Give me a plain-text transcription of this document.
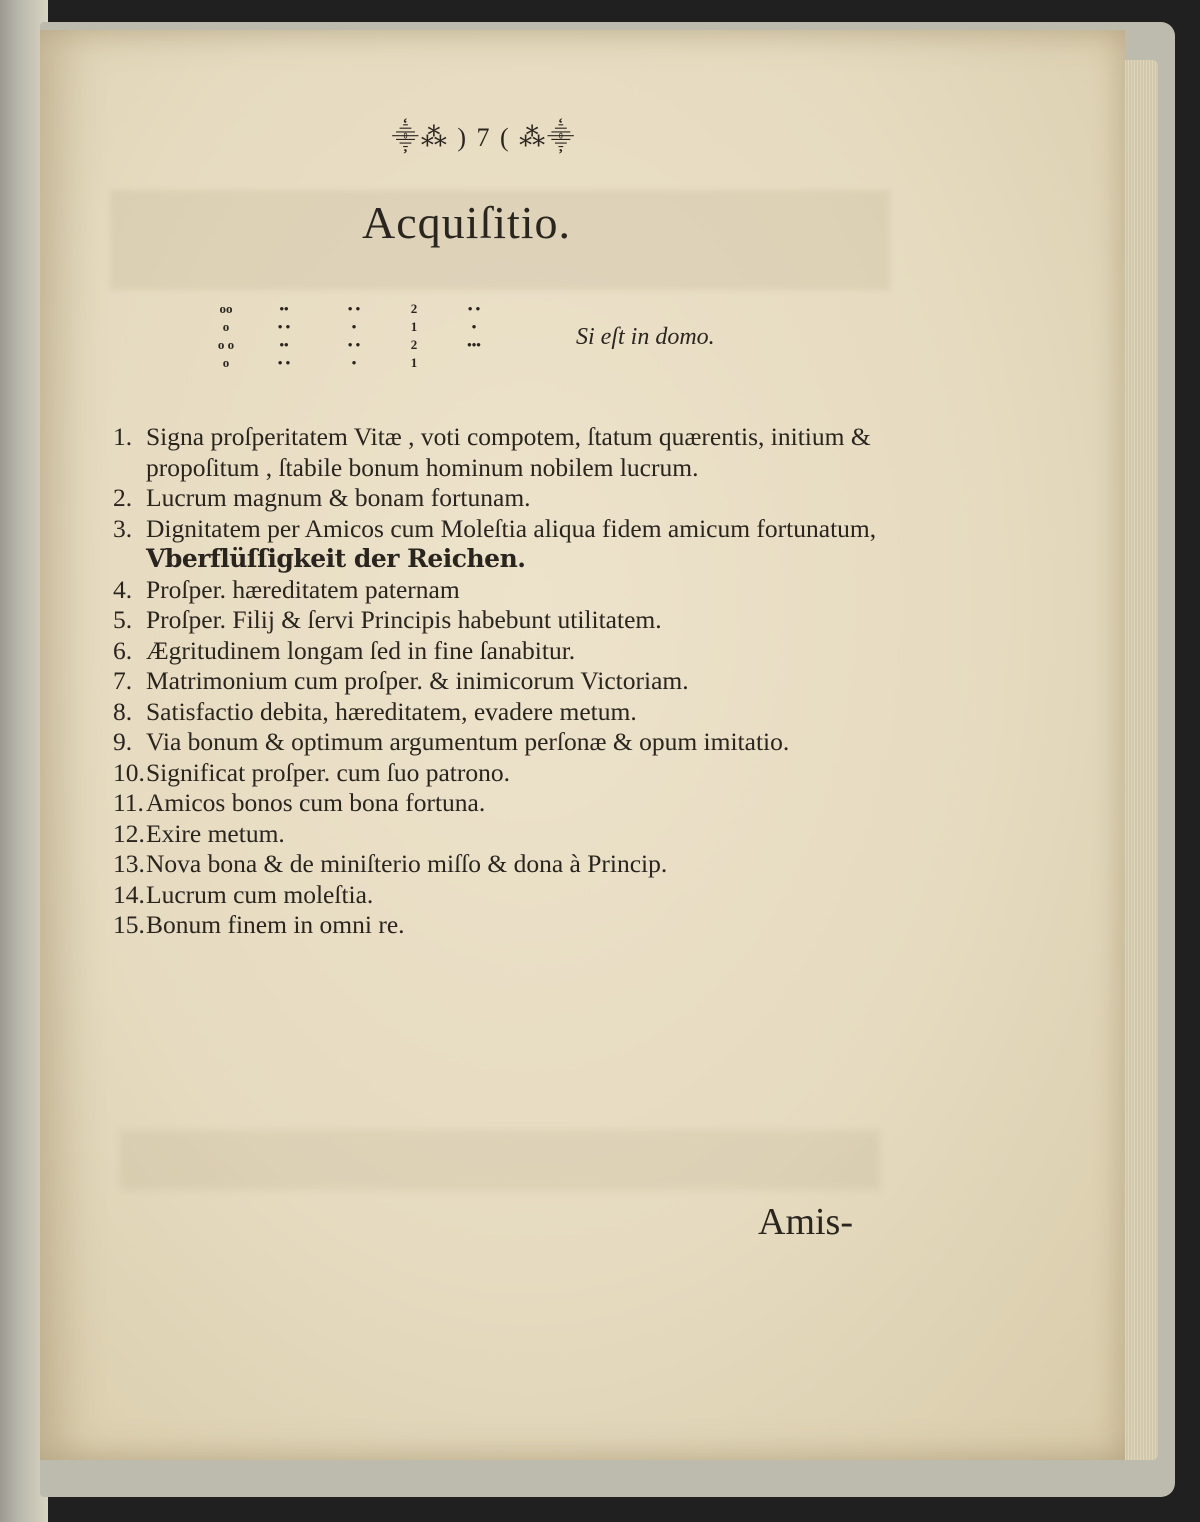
⸎⁂ ) 7 ( ⁂⸎
Acquiſitio.
oo
o
o o
o
••
• •
••
• •
• •
•
• •
•
2
1
2
1
• •
•
•••	Si eſt in domo.
1. Signa proſperitatem Vitæ , voti compotem, ſtatum quærentis, initium & propoſitum , ſtabile bonum hominum nobilem lucrum.
2. Lucrum magnum & bonam fortunam.
3. Dignitatem per Amicos cum Moleſtia aliqua fidem amicum fortunatum, Vberflüſſigkeit der Reichen.
4. Proſper. hæreditatem paternam
5. Proſper. Filij & ſervi Principis habebunt utilitatem.
6. Ægritudinem longam ſed in fine ſanabitur.
7. Matrimonium cum proſper. & inimicorum Victoriam.
8. Satisfactio debita, hæreditatem, evadere metum.
9. Via bonum & optimum argumentum perſonæ & opum imitatio.
10. Significat proſper. cum ſuo patrono.
11. Amicos bonos cum bona fortuna.
12. Exire metum.
13. Nova bona & de miniſterio miſſo & dona à Princip.
14. Lucrum cum moleſtia.
15. Bonum finem in omni re.
Amis-
